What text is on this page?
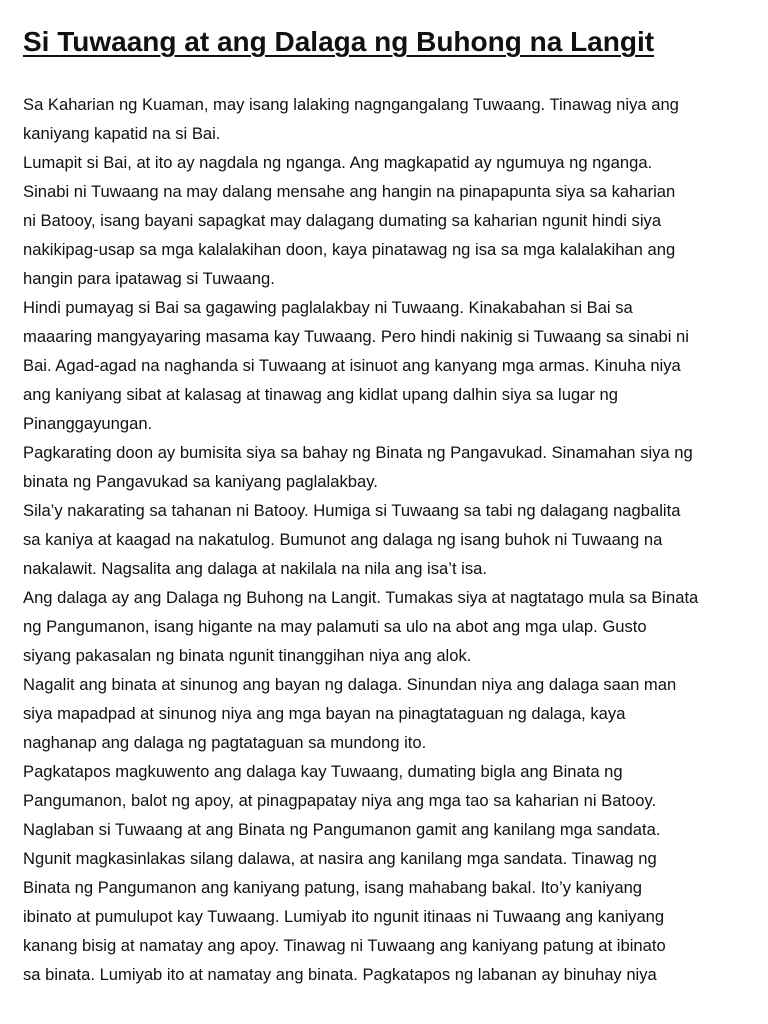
Si Tuwaang at ang Dalaga ng Buhong na Langit
Sa Kaharian ng Kuaman, may isang lalaking nagngangalang Tuwaang. Tinawag niya ang
kaniyang kapatid na si Bai.
Lumapit si Bai, at ito ay nagdala ng nganga. Ang magkapatid ay ngumuya ng nganga.
Sinabi ni Tuwaang na may dalang mensahe ang hangin na pinapapunta siya sa kaharian
ni Batooy, isang bayani sapagkat may dalagang dumating sa kaharian ngunit hindi siya
nakikipag-usap sa mga kalalakihan doon, kaya pinatawag ng isa sa mga kalalakihan ang
hangin para ipatawag si Tuwaang.
Hindi pumayag si Bai sa gagawing paglalakbay ni Tuwaang. Kinakabahan si Bai sa
maaaring mangyayaring masama kay Tuwaang. Pero hindi nakinig si Tuwaang sa sinabi ni
Bai. Agad-agad na naghanda si Tuwaang at isinuot ang kanyang mga armas. Kinuha niya
ang kaniyang sibat at kalasag at tinawag ang kidlat upang dalhin siya sa lugar ng
Pinanggayungan.
Pagkarating doon ay bumisita siya sa bahay ng Binata ng Pangavukad. Sinamahan siya ng
binata ng Pangavukad sa kaniyang paglalakbay.
Sila’y nakarating sa tahanan ni Batooy. Humiga si Tuwaang sa tabi ng dalagang nagbalita
sa kaniya at kaagad na nakatulog. Bumunot ang dalaga ng isang buhok ni Tuwaang na
nakalawit. Nagsalita ang dalaga at nakilala na nila ang isa’t isa.
Ang dalaga ay ang Dalaga ng Buhong na Langit. Tumakas siya at nagtatago mula sa Binata
ng Pangumanon, isang higante na may palamuti sa ulo na abot ang mga ulap. Gusto
siyang pakasalan ng binata ngunit tinanggihan niya ang alok.
Nagalit ang binata at sinunog ang bayan ng dalaga. Sinundan niya ang dalaga saan man
siya mapadpad at sinunog niya ang mga bayan na pinagtataguan ng dalaga, kaya
naghanap ang dalaga ng pagtataguan sa mundong ito.
Pagkatapos magkuwento ang dalaga kay Tuwaang, dumating bigla ang Binata ng
Pangumanon, balot ng apoy, at pinagpapatay niya ang mga tao sa kaharian ni Batooy.
Naglaban si Tuwaang at ang Binata ng Pangumanon gamit ang kanilang mga sandata.
Ngunit magkasinlakas silang dalawa, at nasira ang kanilang mga sandata. Tinawag ng
Binata ng Pangumanon ang kaniyang patung, isang mahabang bakal. Ito’y kaniyang
ibinato at pumulupot kay Tuwaang. Lumiyab ito ngunit itinaas ni Tuwaang ang kaniyang
kanang bisig at namatay ang apoy. Tinawag ni Tuwaang ang kaniyang patung at ibinato
sa binata. Lumiyab ito at namatay ang binata. Pagkatapos ng labanan ay binuhay niya
